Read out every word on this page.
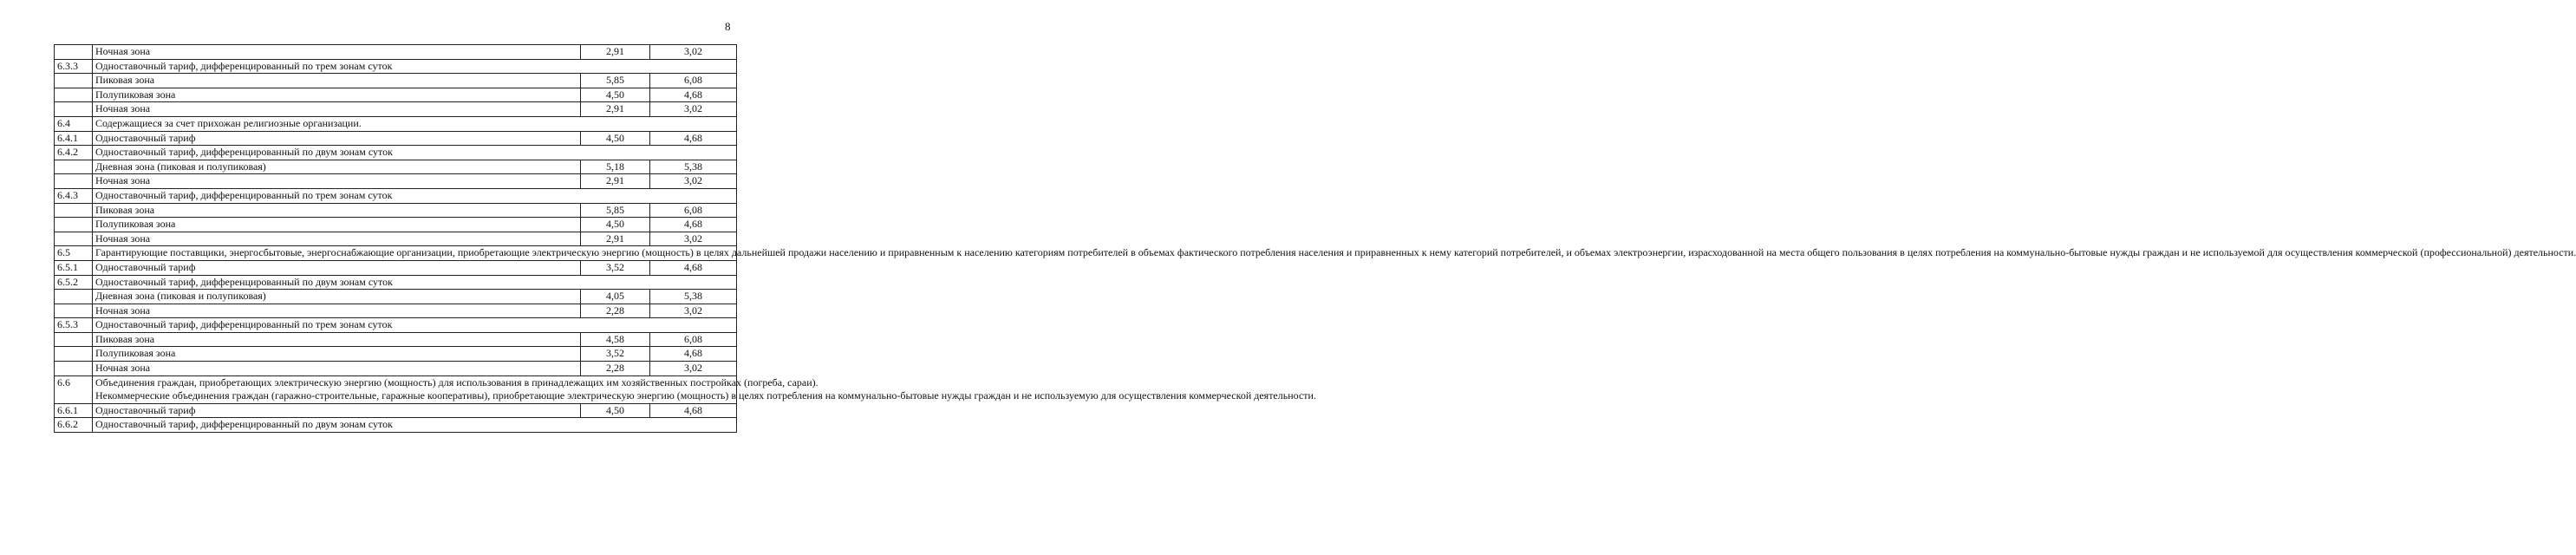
8
	Ночная зона	2,91	3,02
6.3.3	Одноставочный тариф, дифференцированный по трем зонам суток		
	Пиковая зона	5,85	6,08
	Полупиковая зона	4,50	4,68
	Ночная зона	2,91	3,02
6.4	Содержащиеся за счет прихожан религиозные организации.		
6.4.1	Одноставочный тариф	4,50	4,68
6.4.2	Одноставочный тариф, дифференцированный по двум зонам суток		
	Дневная зона (пиковая и полупиковая)	5,18	5,38
	Ночная зона	2,91	3,02
6.4.3	Одноставочный тариф, дифференцированный по трем зонам суток		
	Пиковая зона	5,85	6,08
	Полупиковая зона	4,50	4,68
	Ночная зона	2,91	3,02
6.5	Гарантирующие поставщики, энергосбытовые, энергоснабжающие организации, приобретающие электрическую энергию (мощность) в целях дальнейшей продажи населению и приравненным к населению категориям потребителей в объемах фактического потребления населения и приравненных к нему категорий потребителей, и объемах электроэнергии, израсходованной на места общего пользования в целях потребления на коммунально-бытовые нужды граждан и не используемой для осуществления коммерческой (профессиональной) деятельности.		
6.5.1	Одноставочный тариф	3,52	4,68
6.5.2	Одноставочный тариф, дифференцированный по двум зонам суток		
	Дневная зона (пиковая и полупиковая)	4,05	5,38
	Ночная зона	2,28	3,02
6.5.3	Одноставочный тариф, дифференцированный по трем зонам суток		
	Пиковая зона	4,58	6,08
	Полупиковая зона	3,52	4,68
	Ночная зона	2,28	3,02
6.6	Объединения граждан, приобретающих электрическую энергию (мощность) для использования в принадлежащих им хозяйственных постройках (погреба, сараи).
Некоммерческие объединения граждан (гаражно-строительные, гаражные кооперативы), приобретающие электрическую энергию (мощность) в целях потребления на коммунально-бытовые нужды граждан и не используемую для осуществления коммерческой деятельности.		

6.6.1	Одноставочный тариф	4,50	4,68
6.6.2	Одноставочный тариф, дифференцированный по двум зонам суток		
